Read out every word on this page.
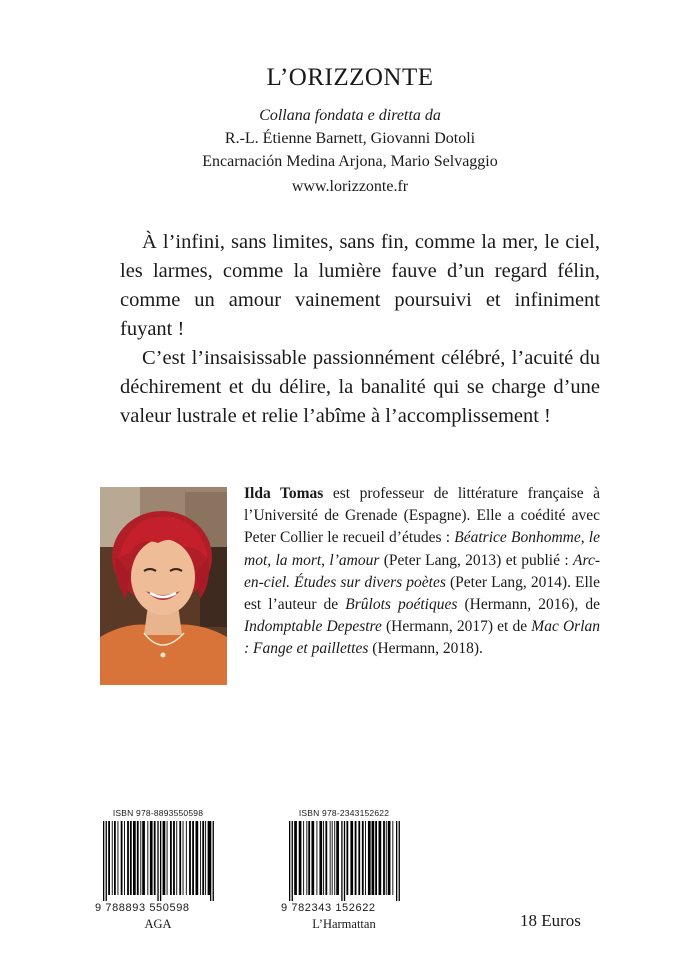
L’ORIZZONTE
Collana fondata e diretta da
R.-L. Étienne Barnett, Giovanni Dotoli
Encarnación Medina Arjona, Mario Selvaggio
www.lorizzonte.fr

À l’infini, sans limites, sans fin, comme la mer, le ciel, les larmes, comme la lumière fauve d’un regard félin, comme un amour vainement poursuivi et infiniment fuyant !

C’est l’insaisissable passionnément célébré, l’acuité du déchirement et du délire, la banalité qui se charge d’une valeur lustrale et relie l’abîme à l’accomplissement !

Ilda Tomas est professeur de littérature française à l’Université de Grenade (Espagne). Elle a coédité avec Peter Collier le recueil d’études : Béatrice Bonhomme, le mot, la mort, l’amour (Peter Lang, 2013) et publié : Arc-en-ciel. Études sur divers poètes (Peter Lang, 2014). Elle est l’auteur de Brûlots poétiques (Hermann, 2016), de Indomptable Depestre (Hermann, 2017) et de Mac Orlan : Fange et paillettes (Hermann, 2018).

ISBN 978-8893550598
9 788893 550598
AGA
ISBN 978-2343152622
9 782343 152622
L’Harmattan	18 Euros
